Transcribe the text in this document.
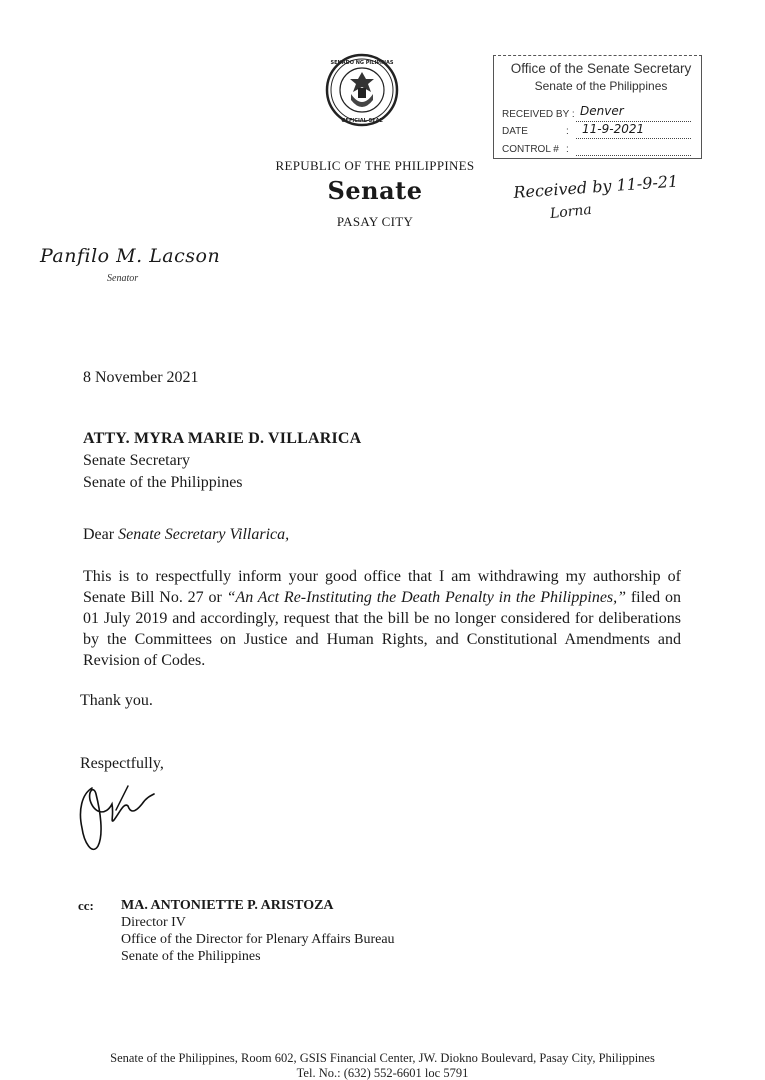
SENADO NG PILIPINAS
OFFICIAL SEAL
REPUBLIC OF THE PHILIPPINES
Senate
PASAY CITY
Office of the Senate Secretary
Senate of the Philippines
RECEIVED BY : Denver
DATE	: 11-9-2021
CONTROL # :
Received by 11-9-21
Lorna
Panfilo M. Lacson
Senator
8 November 2021
ATTY. MYRA MARIE D. VILLARICA
Senate Secretary
Senate of the Philippines
Dear Senate Secretary Villarica,
This is to respectfully inform your good office that I am withdrawing my authorship of Senate Bill No. 27 or “An Act Re-Instituting the Death Penalty in the Philippines,” filed on 01 July 2019 and accordingly, request that the bill be no longer considered for deliberations by the Committees on Justice and Human Rights, and Constitutional Amendments and Revision of Codes.
Thank you.
Respectfully,
cc: MA. ANTONIETTE P. ARISTOZA
Director IV
Office of the Director for Plenary Affairs Bureau
Senate of the Philippines
Senate of the Philippines, Room 602, GSIS Financial Center, JW. Diokno Boulevard, Pasay City, Philippines
Tel. No.: (632) 552-6601 loc 5791
